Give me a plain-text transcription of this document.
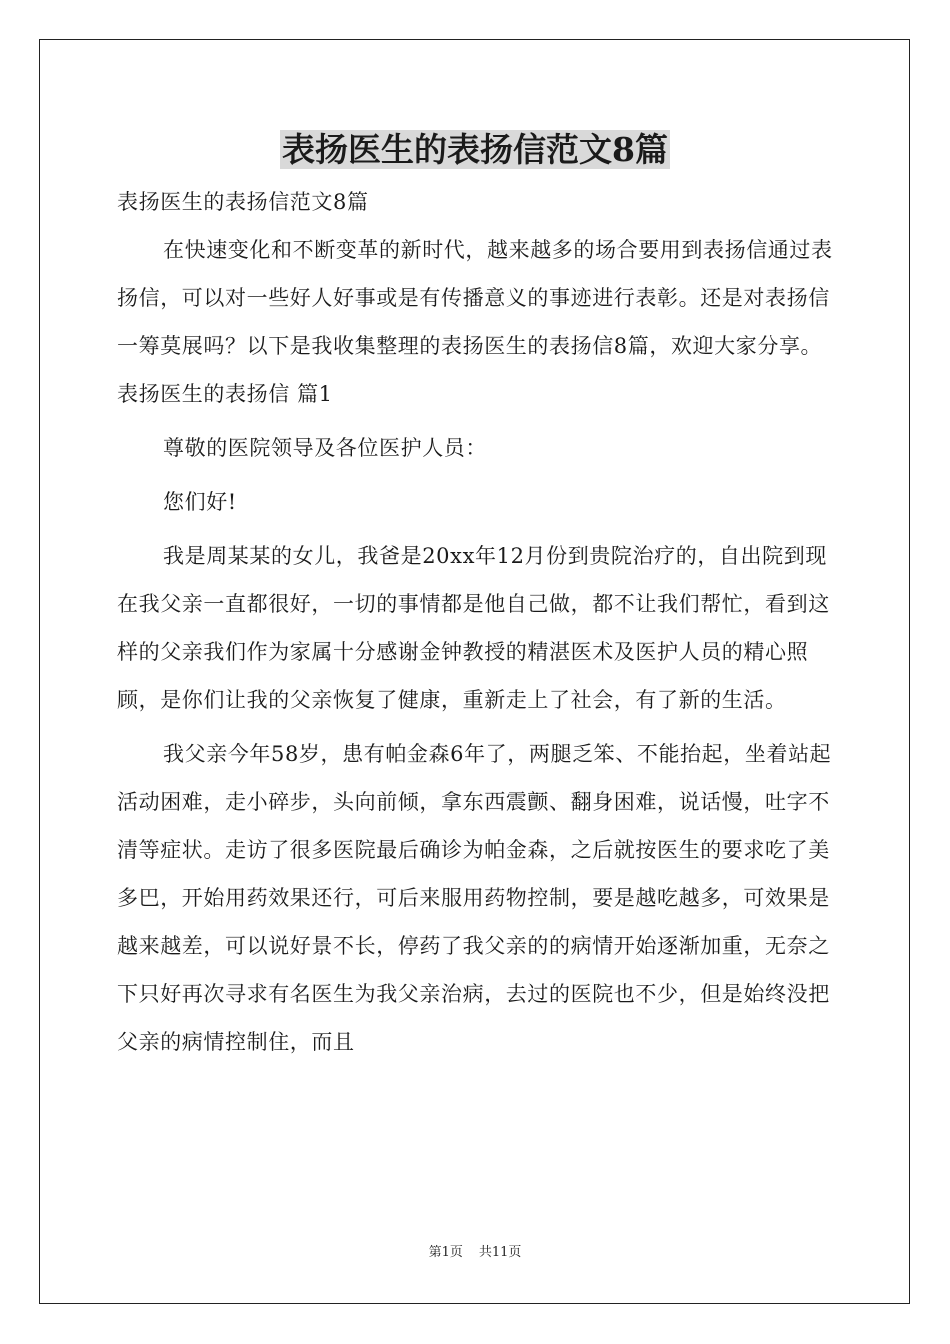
表扬医生的表扬信范文8篇

表扬医生的表扬信范文8篇

在快速变化和不断变革的新时代，越来越多的场合要用到表扬信通过表扬信，可以对一些好人好事或是有传播意义的事迹进行表彰。还是对表扬信一筹莫展吗？以下是我收集整理的表扬医生的表扬信8篇，欢迎大家分享。

表扬医生的表扬信 篇1

尊敬的医院领导及各位医护人员：

您们好!

我是周某某的女儿，我爸是20xx年12月份到贵院治疗的，自出院到现在我父亲一直都很好，一切的事情都是他自己做，都不让我们帮忙，看到这样的父亲我们作为家属十分感谢金钟教授的精湛医术及医护人员的精心照顾，是你们让我的父亲恢复了健康，重新走上了社会，有了新的生活。

我父亲今年58岁，患有帕金森6年了，两腿乏笨、不能抬起，坐着站起活动困难，走小碎步，头向前倾，拿东西震颤、翻身困难，说话慢，吐字不清等症状。走访了很多医院最后确诊为帕金森，之后就按医生的要求吃了美多巴，开始用药效果还行，可后来服用药物控制，要是越吃越多，可效果是越来越差，可以说好景不长，停药了我父亲的的病情开始逐渐加重，无奈之下只好再次寻求有名医生为我父亲治病，去过的医院也不少，但是始终没把父亲的病情控制住，而且

第1页 共11页
